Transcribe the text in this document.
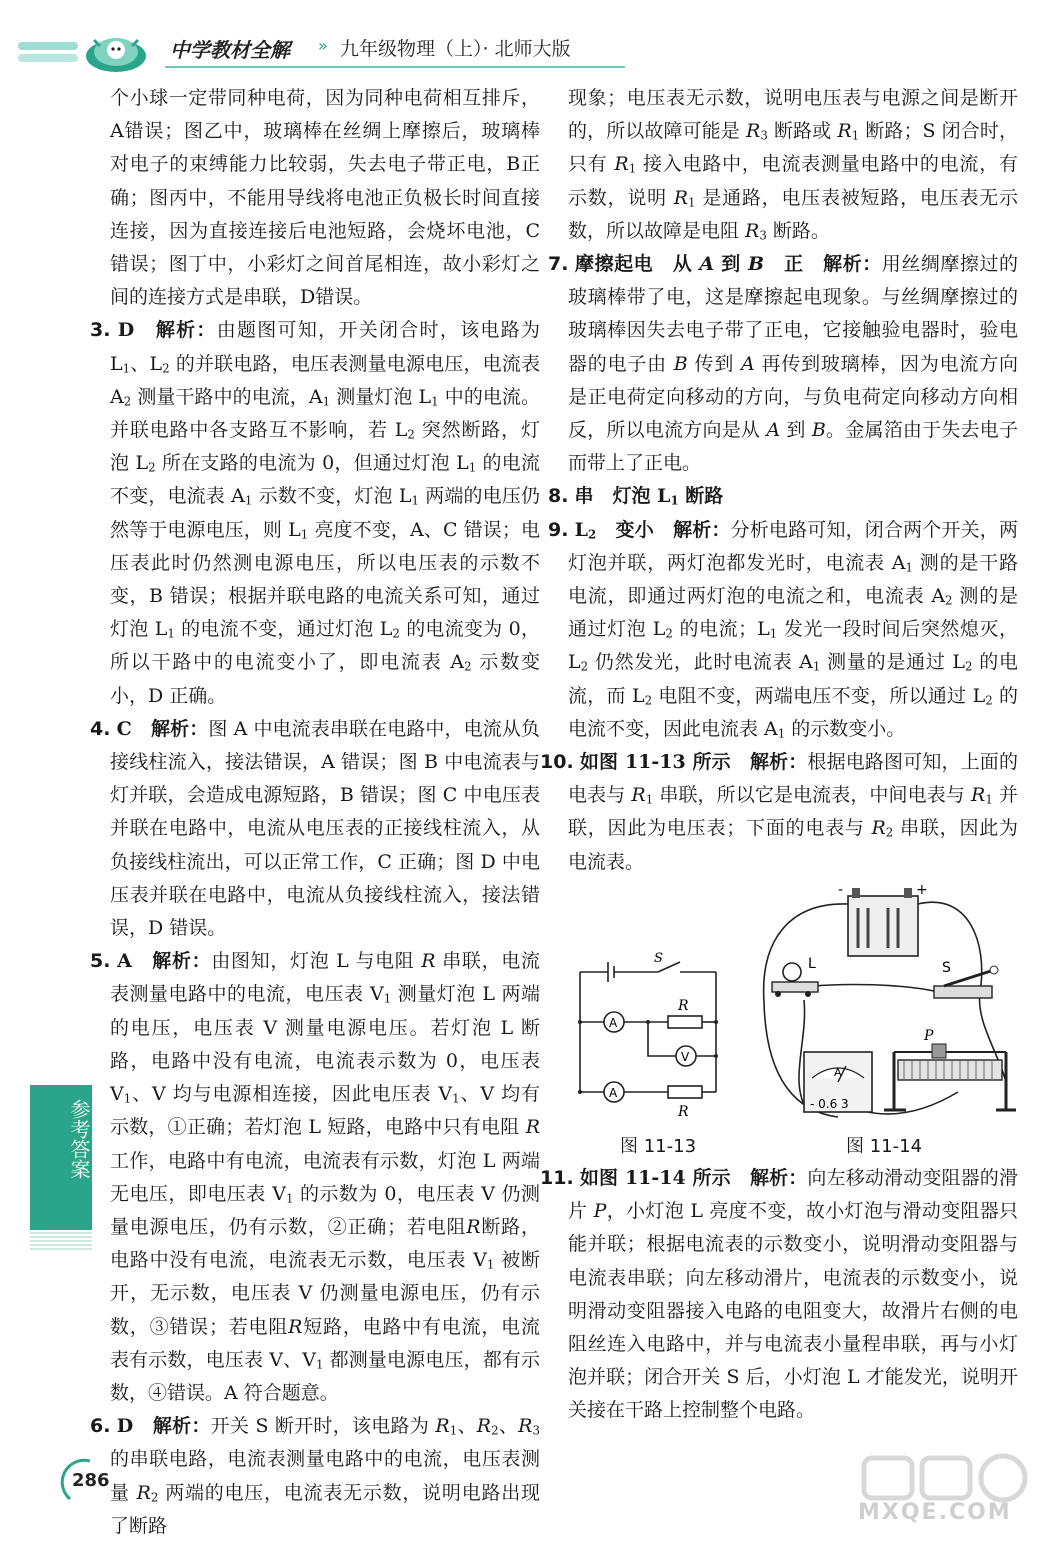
中学教材全解 » 九年级物理（上）· 北师大版

个小球一定带同种电荷，因为同种电荷相互排斥，A错误；图乙中，玻璃棒在丝绸上摩擦后，玻璃棒对电子的束缚能力比较弱，失去电子带正电，B正确；图丙中，不能用导线将电池正负极长时间直接连接，因为直接连接后电池短路，会烧坏电池，C错误；图丁中，小彩灯之间首尾相连，故小彩灯之间的连接方式是串联，D错误。

3. D　 解析：由题图可知，开关闭合时，该电路为 $L_1$、$L_2$ 的并联电路，电压表测量电源电压，电流表 $A_2$ 测量干路中的电流，$A_1$ 测量灯泡 $L_1$ 中的电流。并联电路中各支路互不影响，若 $L_2$ 突然断路，灯泡 $L_2$ 所在支路的电流为 0，但通过灯泡 $L_1$ 的电流不变，电流表 $A_1$ 示数不变，灯泡 $L_1$ 两端的电压仍然等于电源电压，则 $L_1$ 亮度不变，A、C 错误；电压表此时仍然测电源电压，所以电压表的示数不变，B 错误；根据并联电路的电流关系可知，通过灯泡 $L_1$ 的电流不变，通过灯泡 $L_2$ 的电流变为 0，所以干路中的电流变小了，即电流表 $A_2$ 示数变小，D 正确。

4. C　 解析：图 A 中电流表串联在电路中，电流从负接线柱流入，接法错误，A 错误；图 B 中电流表与灯并联，会造成电源短路，B 错误；图 C 中电压表并联在电路中，电流从电压表的正接线柱流入，从负接线柱流出，可以正常工作，C 正确；图 D 中电压表并联在电路中，电流从负接线柱流入，接法错误，D 错误。

5. A　 解析：由图知，灯泡 L 与电阻 R 串联，电流表测量电路中的电流，电压表 $V_1$ 测量灯泡 L 两端的电压，电压表 V 测量电源电压。若灯泡 L 断路，电路中没有电流，电流表示数为 0，电压表 $V_1$、V 均与电源相连接，因此电压表 $V_1$、V 均有示数，①正确；若灯泡 L 短路，电路中只有电阻 R 工作，电路中有电流，电流表有示数，灯泡 L 两端无电压，即电压表 $V_1$ 的示数为 0，电压表 V 仍测量电源电压，仍有示数，②正确；若电阻R断路，电路中没有电流，电流表无示数，电压表 $V_1$ 被断开，无示数，电压表 V 仍测量电源电压，仍有示数，③错误；若电阻R短路，电路中有电流，电流表有示数，电压表 V、$V_1$ 都测量电源电压，都有示数，④错误。A 符合题意。

6. D　 解析：开关 S 断开时，该电路为 $R_1$、$R_2$、$R_3$ 的串联电路，电流表测量电路中的电流，电压表测量 $R_2$ 两端的电压，电流表无示数，说明电路出现了断路

现象；电压表无示数，说明电压表与电源之间是断开的，所以故障可能是 $R_3$ 断路或 $R_1$ 断路；S 闭合时，只有 $R_1$ 接入电路中，电流表测量电路中的电流，有示数，说明 $R_1$ 是通路，电压表被短路，电压表无示数，所以故障是电阻 $R_3$ 断路。

7. 摩擦起电　从 A 到 B　正　 解析：用丝绸摩擦过的玻璃棒带了电，这是摩擦起电现象。与丝绸摩擦过的玻璃棒因失去电子带了正电，它接触验电器时，验电器的电子由 B 传到 A 再传到玻璃棒，因为电流方向是正电荷定向移动的方向，与负电荷定向移动方向相反，所以电流方向是从 A 到 B。金属箔由于失去电子而带上了正电。

8. 串　灯泡 $L_1$ 断路

9. $L_2$　变小　 解析：分析电路可知，闭合两个开关，两灯泡并联，两灯泡都发光时，电流表 $A_1$ 测的是干路电流，即通过两灯泡的电流之和，电流表 $A_2$ 测的是通过灯泡 $L_2$ 的电流；$L_1$ 发光一段时间后突然熄灭，$L_2$ 仍然发光，此时电流表 $A_1$ 测量的是通过 $L_2$ 的电流，而 $L_2$ 电阻不变，两端电压不变，所以通过 $L_2$ 的电流不变，因此电流表 $A_1$ 的示数变小。

10. 如图 11-13 所示　 解析：根据电路图可知，上面的电表与 $R_1$ 串联，所以它是电流表，中间电表与 $R_1$ 并联，因此为电压表；下面的电表与 $R_2$ 串联，因此为电流表。

S
A
V
A
R
R
图 11-13
-	+
L	S
A
- 0.6 3
P
图 11-14

11. 如图 11-14 所示　 解析：向左移动滑动变阻器的滑片 P，小灯泡 L 亮度不变，故小灯泡与滑动变阻器只能并联；根据电流表的示数变小，说明滑动变阻器与电流表串联；向左移动滑片，电流表的示数变小，说明滑动变阻器接入电路的电阻变大，故滑片右侧的电阻丝连入电路中，并与电流表小量程串联，再与小灯泡并联；闭合开关 S 后，小灯泡 L 才能发光，说明开关接在干路上控制整个电路。

参考答案
286
MXQE.COM
